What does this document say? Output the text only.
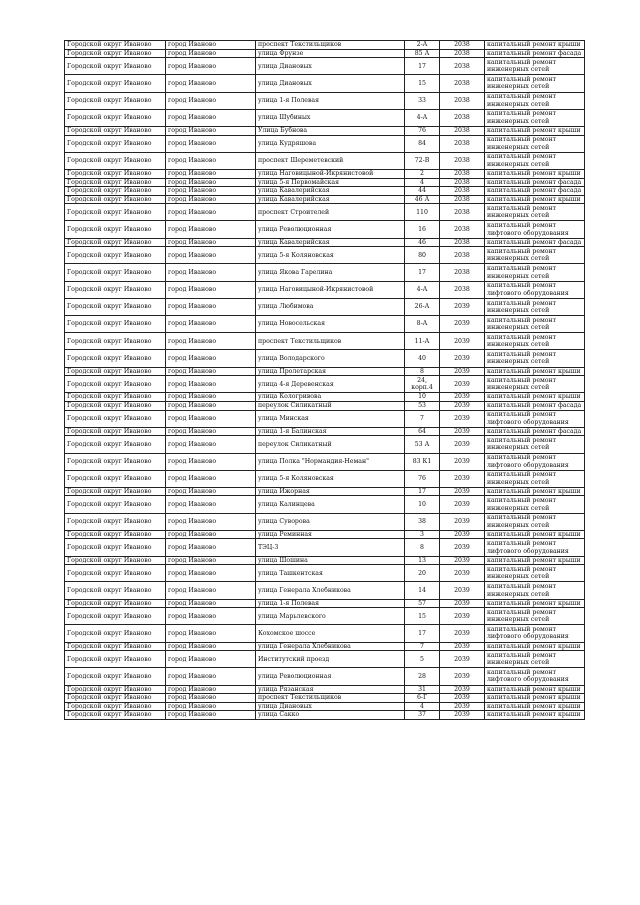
Городской округ Иваново	город Иваново	проспект Текстильщиков	2-А	2038	капитальный ремонт крыши
Городской округ Иваново	город Иваново	улица Фрунзе	85 А	2038	капитальный ремонт фасада
Городской округ Иваново	город Иваново	улица Диановых	17	2038	капитальный ремонт инженерных сетей
Городской округ Иваново	город Иваново	улица Диановых	15	2038	капитальный ремонт инженерных сетей
Городской округ Иваново	город Иваново	улица 1-я Полевая	33	2038	капитальный ремонт инженерных сетей
Городской округ Иваново	город Иваново	улица Шубиных	4-А	2038	капитальный ремонт инженерных сетей
Городской округ Иваново	город Иваново	Улица Бубнова	76	2038	капитальный ремонт крыши
Городской округ Иваново	город Иваново	улица Кудряшова	84	2038	капитальный ремонт инженерных сетей
Городской округ Иваново	город Иваново	проспект Шереметевский	72-В	2038	капитальный ремонт инженерных сетей
Городской округ Иваново	город Иваново	улица Наговицыной-Икрянистовой	2	2038	капитальный ремонт крыши
Городской округ Иваново	город Иваново	улица 5-я Первомайская	4	2038	капитальный ремонт фасада
Городской округ Иваново	город Иваново	улица Кавалерийская	44	2038	капитальный ремонт фасада
Городской округ Иваново	город Иваново	улица Кавалерийская	46 А	2038	капитальный ремонт крыши
Городской округ Иваново	город Иваново	проспект Строителей	110	2038	капитальный ремонт инженерных сетей
Городской округ Иваново	город Иваново	улица Революционная	16	2038	капитальный ремонт лифтового оборудования
Городской округ Иваново	город Иваново	улица Кавалерийская	46	2038	капитальный ремонт фасада
Городской округ Иваново	город Иваново	улица 5-я Коляновская	80	2038	капитальный ремонт инженерных сетей
Городской округ Иваново	город Иваново	улица Якова Гарелина	17	2038	капитальный ремонт инженерных сетей
Городской округ Иваново	город Иваново	улица Наговицыной-Икрянистовой	4-А	2038	капитальный ремонт лифтового оборудования
Городской округ Иваново	город Иваново	улица Любимова	26-А	2039	капитальный ремонт инженерных сетей
Городской округ Иваново	город Иваново	улица Новосельская	8-А	2039	капитальный ремонт инженерных сетей
Городской округ Иваново	город Иваново	проспект Текстильщиков	11-А	2039	капитальный ремонт инженерных сетей
Городской округ Иваново	город Иваново	улица Володарского	40	2039	капитальный ремонт инженерных сетей
Городской округ Иваново	город Иваново	улица Пролетарская	8	2039	капитальный ремонт крыши
Городской округ Иваново	город Иваново	улица 4-я Деревенская	24, корп.4	2039	капитальный ремонт инженерных сетей
Городской округ Иваново	город Иваново	улица Кологривова	10	2039	капитальный ремонт крыши
Городской округ Иваново	город Иваново	переулок Силикатный	53	2039	капитальный ремонт фасада
Городской округ Иваново	город Иваново	улица Минская	7	2039	капитальный ремонт лифтового оборудования
Городской округ Иваново	город Иваново	улица 1-я Балинская	64	2039	капитальный ремонт фасада
Городской округ Иваново	город Иваново	переулок Силикатный	53 А	2039	капитальный ремонт инженерных сетей
Городской округ Иваново	город Иваново	улица Полка "Нормандия-Неман"	83 К1	2039	капитальный ремонт лифтового оборудования
Городской округ Иваново	город Иваново	улица 5-я Коляновская	76	2039	капитальный ремонт инженерных сетей
Городской округ Иваново	город Иваново	улица Ижорная	17	2039	капитальный ремонт крыши
Городской округ Иваново	город Иваново	улица Калинцева	10	2039	капитальный ремонт инженерных сетей
Городской округ Иваново	город Иваново	улица Суворова	38	2039	капитальный ремонт инженерных сетей
Городской округ Иваново	город Иваново	улица Реминная	3	2039	капитальный ремонт крыши
Городской округ Иваново	город Иваново	ТЭЦ-3	8	2039	капитальный ремонт лифтового оборудования
Городской округ Иваново	город Иваново	улица Шошина	13	2039	капитальный ремонт крыши
Городской округ Иваново	город Иваново	улица Ташкентская	20	2039	капитальный ремонт инженерных сетей
Городской округ Иваново	город Иваново	улица Генерала Хлебникова	14	2039	капитальный ремонт инженерных сетей
Городской округ Иваново	город Иваново	улица 1-я Полевая	57	2039	капитальный ремонт крыши
Городской округ Иваново	город Иваново	улица Марьлевского	15	2039	капитальный ремонт инженерных сетей
Городской округ Иваново	город Иваново	Кохомское шоссе	17	2039	капитальный ремонт лифтового оборудования
Городской округ Иваново	город Иваново	улица Генерала Хлебникова	7	2039	капитальный ремонт крыши
Городской округ Иваново	город Иваново	Институтский проезд	5	2039	капитальный ремонт инженерных сетей
Городской округ Иваново	город Иваново	улица Революционная	28	2039	капитальный ремонт лифтового оборудования
Городской округ Иваново	город Иваново	улица Рязанская	31	2039	капитальный ремонт крыши
Городской округ Иваново	город Иваново	проспект Текстильщиков	6-Г	2039	капитальный ремонт крыши
Городской округ Иваново	город Иваново	улица Диановых	4	2039	капитальный ремонт крыши
Городской округ Иваново	город Иваново	улица Сакко	37	2039	капитальный ремонт крыши
